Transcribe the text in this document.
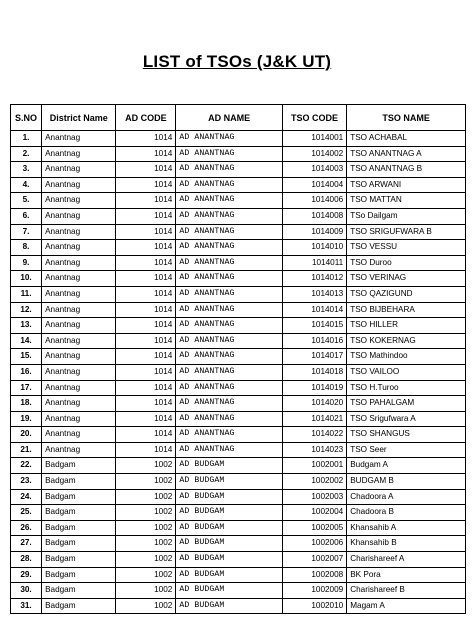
LIST of TSOs (J&K UT)
S.NO	District Name	AD CODE	AD NAME	TSO CODE	TSO NAME
1.	Anantnag	1014	AD ANANTNAG	1014001	TSO ACHABAL
2.	Anantnag	1014	AD ANANTNAG	1014002	TSO ANANTNAG A
3.	Anantnag	1014	AD ANANTNAG	1014003	TSO ANANTNAG B
4.	Anantnag	1014	AD ANANTNAG	1014004	TSO ARWANI
5.	Anantnag	1014	AD ANANTNAG	1014006	TSO MATTAN
6.	Anantnag	1014	AD ANANTNAG	1014008	TSo Dailgam
7.	Anantnag	1014	AD ANANTNAG	1014009	TSO SRIGUFWARA B
8.	Anantnag	1014	AD ANANTNAG	1014010	TSO VESSU
9.	Anantnag	1014	AD ANANTNAG	1014011	TSO Duroo
10.	Anantnag	1014	AD ANANTNAG	1014012	TSO VERINAG
11.	Anantnag	1014	AD ANANTNAG	1014013	TSO QAZIGUND
12.	Anantnag	1014	AD ANANTNAG	1014014	TSO BIJBEHARA
13.	Anantnag	1014	AD ANANTNAG	1014015	TSO HILLER
14.	Anantnag	1014	AD ANANTNAG	1014016	TSO KOKERNAG
15.	Anantnag	1014	AD ANANTNAG	1014017	TSO Mathindoo
16.	Anantnag	1014	AD ANANTNAG	1014018	TSO VAILOO
17.	Anantnag	1014	AD ANANTNAG	1014019	TSO H.Turoo
18.	Anantnag	1014	AD ANANTNAG	1014020	TSO PAHALGAM
19.	Anantnag	1014	AD ANANTNAG	1014021	TSO Srigufwara A
20.	Anantnag	1014	AD ANANTNAG	1014022	TSO SHANGUS
21.	Anantnag	1014	AD ANANTNAG	1014023	TSO Seer
22.	Badgam	1002	AD BUDGAM	1002001	Budgam A
23.	Badgam	1002	AD BUDGAM	1002002	BUDGAM B
24.	Badgam	1002	AD BUDGAM	1002003	Chadoora A
25.	Badgam	1002	AD BUDGAM	1002004	Chadoora B
26.	Badgam	1002	AD BUDGAM	1002005	Khansahib A
27.	Badgam	1002	AD BUDGAM	1002006	Khansahib B
28.	Badgam	1002	AD BUDGAM	1002007	Charishareef A
29.	Badgam	1002	AD BUDGAM	1002008	BK Pora
30.	Badgam	1002	AD BUDGAM	1002009	Charishareef B
31.	Badgam	1002	AD BUDGAM	1002010	Magam A
